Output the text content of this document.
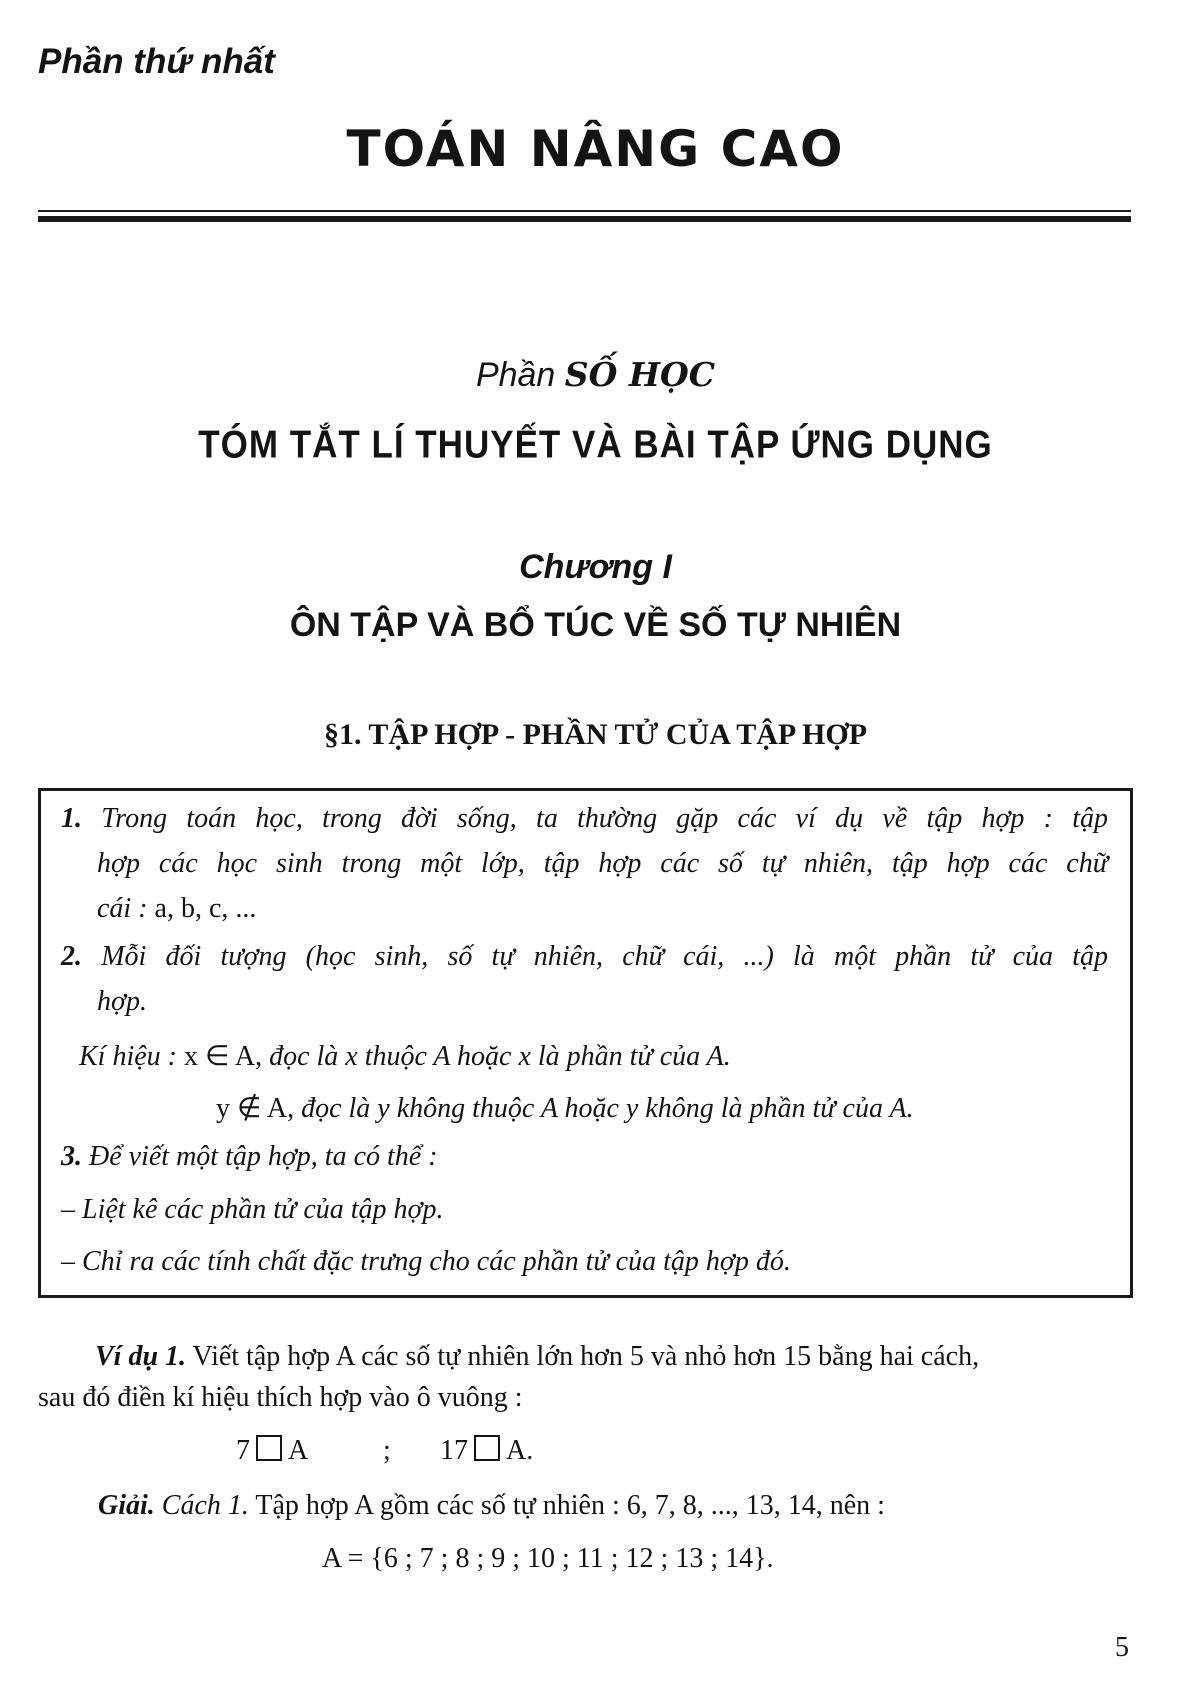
Phần thứ nhất
TOÁN NÂNG CAO
Phần SỐ HỌC
TÓM TẮT LÍ THUYẾT VÀ BÀI TẬP ỨNG DỤNG
Chương I
ÔN TẬP VÀ BỔ TÚC VỀ SỐ TỰ NHIÊN
§1. TẬP HỢP - PHẦN TỬ CỦA TẬP HỢP
1. Trong toán học, trong đời sống, ta thường gặp các ví dụ về tập hợp : tập
hợp các học sinh trong một lớp, tập hợp các số tự nhiên, tập hợp các chữ
cái : a, b, c, ...
2. Mỗi đối tượng (học sinh, số tự nhiên, chữ cái, ...) là một phần tử của tập
hợp.
Kí hiệu : x ∈ A, đọc là x thuộc A hoặc x là phần tử của A.
y ∉ A, đọc là y không thuộc A hoặc y không là phần tử của A.
3. Để viết một tập hợp, ta có thể :
– Liệt kê các phần tử của tập hợp.
– Chỉ ra các tính chất đặc trưng cho các phần tử của tập hợp đó.
Ví dụ 1. Viết tập hợp A các số tự nhiên lớn hơn 5 và nhỏ hơn 15 bằng hai cách,
sau đó điền kí hiệu thích hợp vào ô vuông :
7 A	; 17 A.
Giải. Cách 1. Tập hợp A gồm các số tự nhiên : 6, 7, 8, ..., 13, 14, nên :
A = {6 ; 7 ; 8 ; 9 ; 10 ; 11 ; 12 ; 13 ; 14}.
5
